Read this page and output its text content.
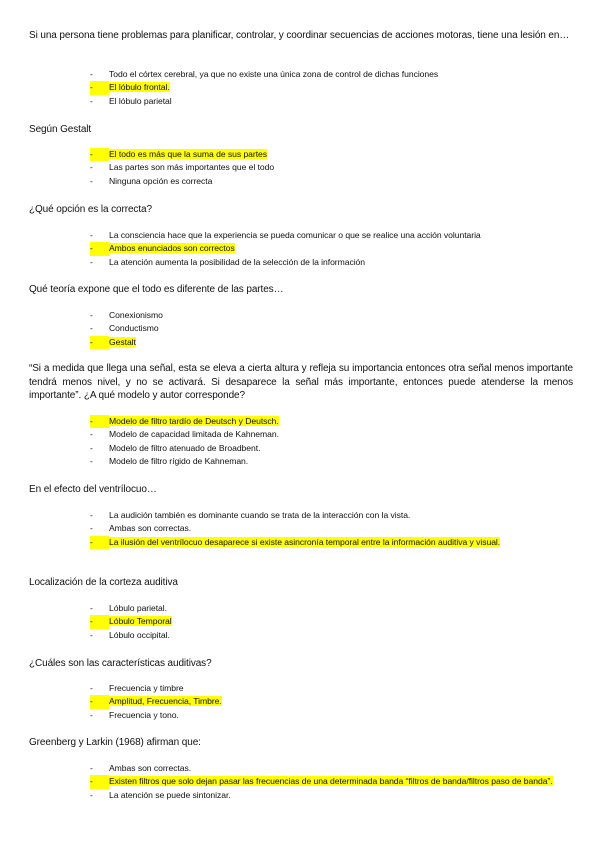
Si una persona tiene problemas para planificar, controlar, y coordinar secuencias de acciones motoras, tiene una lesión en…
- Todo el córtex cerebral, ya que no existe una única zona de control de dichas funciones
-	El lóbulo frontal.
- El lóbulo parietal
Según Gestalt
-	El todo es más que la suma de sus partes
- Las partes son más importantes que el todo
- Ninguna opción es correcta
¿Qué opción es la correcta?
- La consciencia hace que la experiencia se pueda comunicar o que se realice una acción voluntaria
-	Ambos enunciados son correctos
- La atención aumenta la posibilidad de la selección de la información
Qué teoría expone que el todo es diferente de las partes…
- Conexionismo
- Conductismo
-	Gestalt
“Si a medida que llega una señal, esta se eleva a cierta altura y refleja su importancia entonces otra señal menos importante tendrá menos nivel, y no se activará. Si desaparece la señal más importante, entonces puede atenderse la menos importante”. ¿A qué modelo y autor corresponde?
-	Modelo de filtro tardío de Deutsch y Deutsch.
- Modelo de capacidad limitada de Kahneman.
- Modelo de filtro atenuado de Broadbent.
- Modelo de filtro rígido de Kahneman.
En el efecto del ventrílocuo…
- La audición también es dominante cuando se trata de la interacción con la vista.
- Ambas son correctas.
-	La ilusión del ventrílocuo desaparece si existe asincronía temporal entre la información auditiva y visual.
Localización de la corteza auditiva
- Lóbulo parietal.
-	Lóbulo Temporal
- Lóbulo occipital.
¿Cuáles son las características auditivas?
- Frecuencia y timbre
-	Amplitud, Frecuencia, Timbre.
- Frecuencia y tono.
Greenberg y Larkin (1968) afirman que:
- Ambas son correctas.
-	Existen filtros que solo dejan pasar las frecuencias de una determinada banda “filtros de banda/filtros paso de banda”.
- La atención se puede sintonizar.
